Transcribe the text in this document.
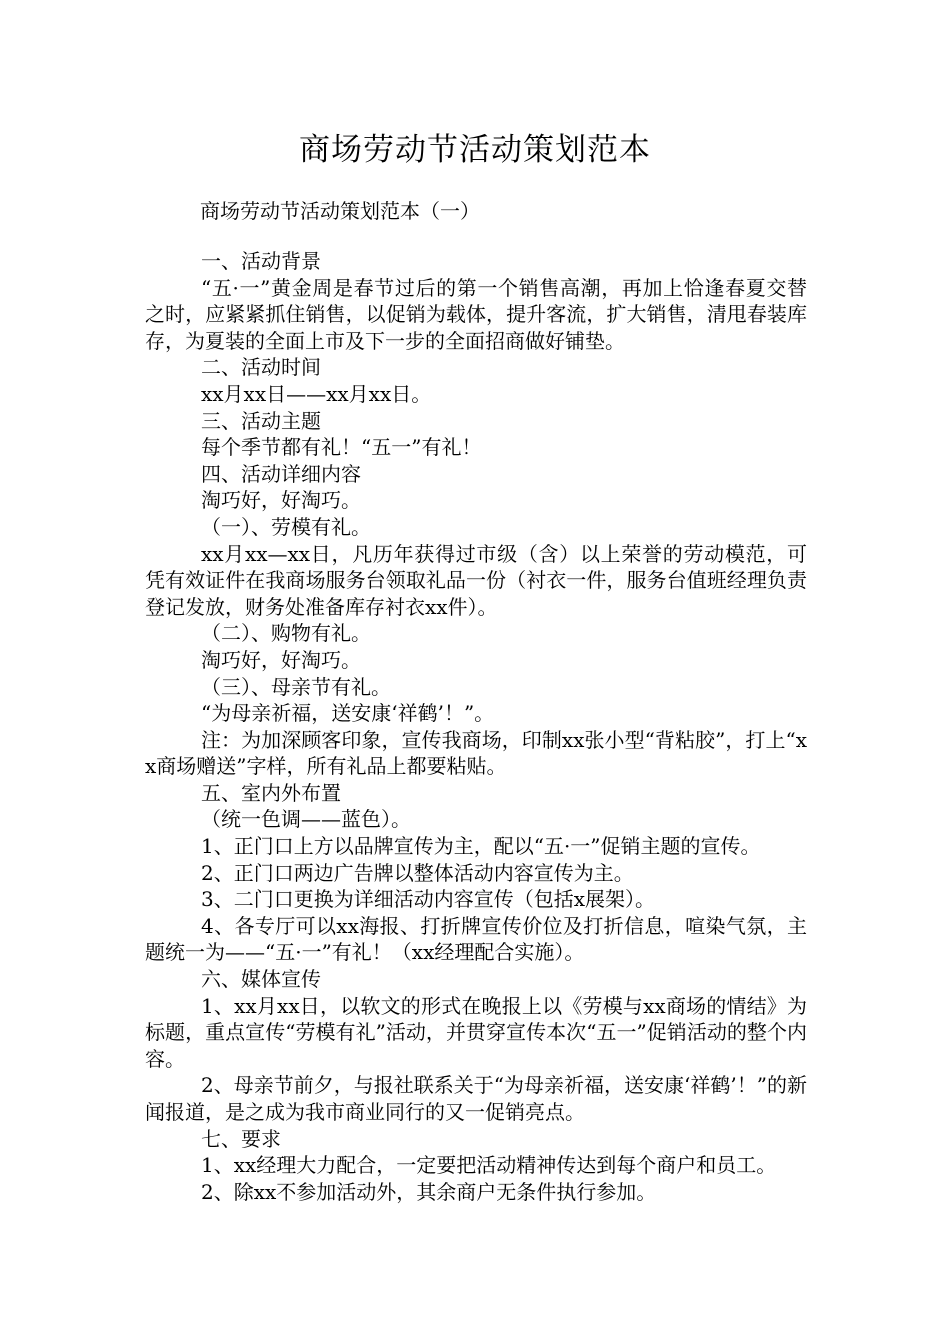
商场劳动节活动策划范本
商场劳动节活动策划范本（一）

一、活动背景

“五·一”黄金周是春节过后的第一个销售高潮，再加上恰逢春夏交替之时，应紧紧抓住销售，以促销为载体，提升客流，扩大销售，清甩春装库存，为夏装的全面上市及下一步的全面招商做好铺垫。

二、活动时间

xx月xx日——xx月xx日。

三、活动主题

每个季节都有礼！“五一”有礼！

四、活动详细内容

淘巧好，好淘巧。

（一）、劳模有礼。

xx月xx—xx日，凡历年获得过市级（含）以上荣誉的劳动模范，可凭有效证件在我商场服务台领取礼品一份（衬衣一件，服务台值班经理负责登记发放，财务处准备库存衬衣xx件）。

（二）、购物有礼。

淘巧好，好淘巧。

（三）、母亲节有礼。

“为母亲祈福，送安康‘祥鹤’！”。

注：为加深顾客印象，宣传我商场，印制xx张小型“背粘胶”，打上“xx商场赠送”字样，所有礼品上都要粘贴。

五、室内外布置

（统一色调——蓝色）。

1、正门口上方以品牌宣传为主，配以“五·一”促销主题的宣传。

2、正门口两边广告牌以整体活动内容宣传为主。

3、二门口更换为详细活动内容宣传（包括x展架）。

4、各专厅可以xx海报、打折牌宣传价位及打折信息，喧染气氛，主题统一为——“五·一”有礼！（xx经理配合实施）。

六、媒体宣传

1、xx月xx日，以软文的形式在晚报上以《劳模与xx商场的情结》为标题，重点宣传“劳模有礼”活动，并贯穿宣传本次“五一”促销活动的整个内容。

2、母亲节前夕，与报社联系关于“为母亲祈福，送安康‘祥鹤’！”的新闻报道，是之成为我市商业同行的又一促销亮点。

七、要求

1、xx经理大力配合，一定要把活动精神传达到每个商户和员工。

2、除xx不参加活动外，其余商户无条件执行参加。
